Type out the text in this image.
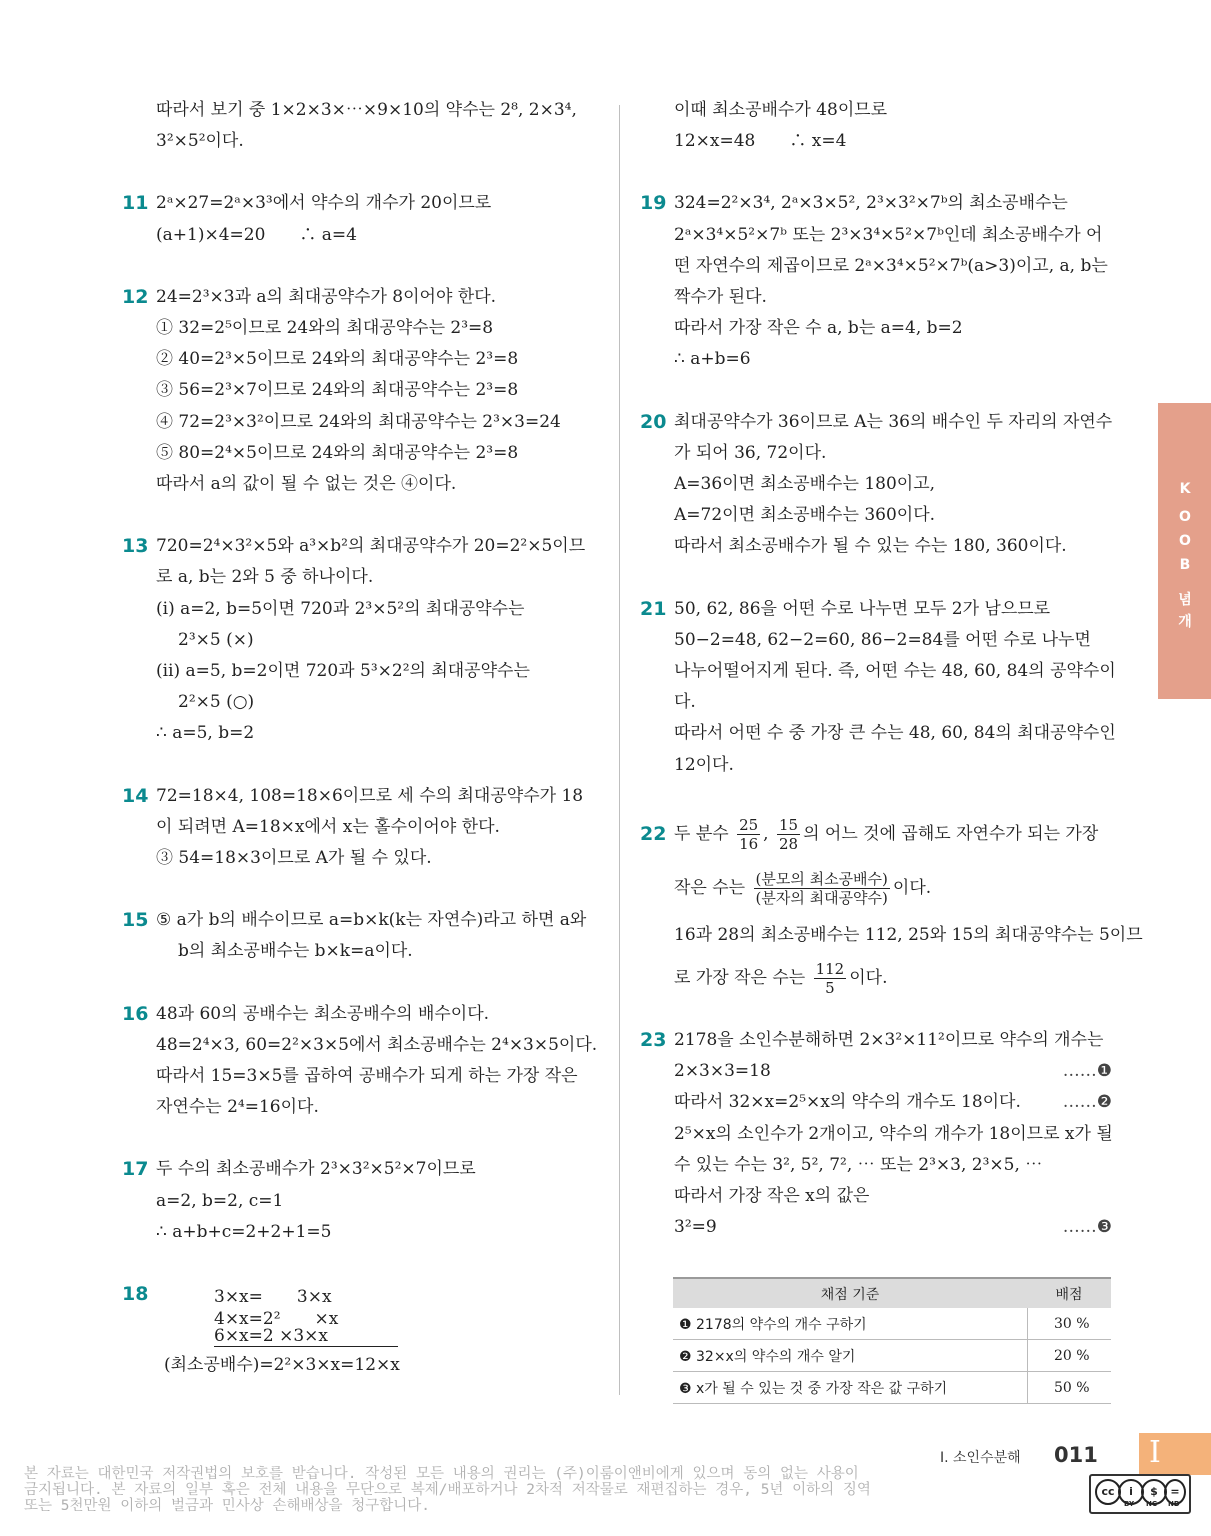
따라서 보기 중 1×2×3×⋯×9×10의 약수는 2⁸, 2×3⁴,
3²×5²이다.
11 2ᵃ×27=2ᵃ×3³에서 약수의 개수가 20이므로
(a+1)×4=20　　∴ a=4
12 24=2³×3과 a의 최대공약수가 8이어야 한다.
① 32=2⁵이므로 24와의 최대공약수는 2³=8
② 40=2³×5이므로 24와의 최대공약수는 2³=8
③ 56=2³×7이므로 24와의 최대공약수는 2³=8
④ 72=2³×3²이므로 24와의 최대공약수는 2³×3=24
⑤ 80=2⁴×5이므로 24와의 최대공약수는 2³=8
따라서 a의 값이 될 수 없는 것은 ④이다.
13 720=2⁴×3²×5와 a³×b²의 최대공약수가 20=2²×5이므
로 a, b는 2와 5 중 하나이다.
(ⅰ) a=2, b=5이면 720과 2³×5²의 최대공약수는
2³×5 (×)
(ⅱ) a=5, b=2이면 720과 5³×2²의 최대공약수는
2²×5 (○)
∴ a=5, b=2
14 72=18×4, 108=18×6이므로 세 수의 최대공약수가 18
이 되려면 A=18×x에서 x는 홀수이어야 한다.
③ 54=18×3이므로 A가 될 수 있다.
15 ⑤ a가 b의 배수이므로 a=b×k(k는 자연수)라고 하면 a와
b의 최소공배수는 b×k=a이다.
16 48과 60의 공배수는 최소공배수의 배수이다.
48=2⁴×3, 60=2²×3×5에서 최소공배수는 2⁴×3×5이다.
따라서 15=3×5를 곱하여 공배수가 되게 하는 가장 작은
자연수는 2⁴=16이다.
17 두 수의 최소공배수가 2³×3²×5²×7이므로
a=2, b=2, c=1
∴ a+b+c=2+2+1=5
18	3×x=　　3×x
4×x=2²　　×x
6×x=2 ×3×x
(최소공배수)=2²×3×x=12×x
이때 최소공배수가 48이므로
12×x=48　　∴ x=4
19 324=2²×3⁴, 2ᵃ×3×5², 2³×3²×7ᵇ의 최소공배수는
2ᵃ×3⁴×5²×7ᵇ 또는 2³×3⁴×5²×7ᵇ인데 최소공배수가 어
떤 자연수의 제곱이므로 2ᵃ×3⁴×5²×7ᵇ(a>3)이고, a, b는
짝수가 된다.
따라서 가장 작은 수 a, b는 a=4, b=2
∴ a+b=6
20 최대공약수가 36이므로 A는 36의 배수인 두 자리의 자연수
가 되어 36, 72이다.
A=36이면 최소공배수는 180이고,
A=72이면 최소공배수는 360이다.
따라서 최소공배수가 될 수 있는 수는 180, 360이다.
21 50, 62, 86을 어떤 수로 나누면 모두 2가 남으므로
50−2=48, 62−2=60, 86−2=84를 어떤 수로 나누면
나누어떨어지게 된다. 즉, 어떤 수는 48, 60, 84의 공약수이
다.
따라서 어떤 수 중 가장 큰 수는 48, 60, 84의 최대공약수인
12이다.
22 두 분수 $\frac{25}{16}$ , $\frac{15}{28}$ 의 어느 것에 곱해도 자연수가 되는 가장
작은 수는 $\frac{\text{(분모의 최소공배수)}}{\text{(분자의 최대공약수)}}$ 이다.
16과 28의 최소공배수는 112, 25와 15의 최대공약수는 5이므
로 가장 작은 수는 $\frac{112}{5}$ 이다.
23 2178을 소인수분해하면 2×3²×11²이므로 약수의 개수는
2×3×3=18	……❶
따라서 32×x=2⁵×x의 약수의 개수도 18이다. ……❷
2⁵×x의 소인수가 2개이고, 약수의 개수가 18이므로 x가 될
수 있는 수는 3², 5², 7², ⋯ 또는 2³×3, 2³×5, ⋯
따라서 가장 작은 x의 값은
3²=9	……❸
채점 기준	배점
❶ 2178의 약수의 개수 구하기	30 %
❷ 32×x의 약수의 개수 알기	20 %
❸ x가 될 수 있는 것 중 가장 작은 값 구하기	50 %
K
O
O
B
념
개
Ⅰ. 소인수분해 011 Ⅰ
본 자료는 대한민국 저작권법의 보호를 받습니다. 작성된 모든 내용의 권리는 (주)이룸이앤비에게 있으며 동의 없는 사용이
금지됩니다. 본 자료의 일부 혹은 전체 내용을 무단으로 복제/배포하거나 2차적 저작물로 재편집하는 경우, 5년 이하의 징역
또는 5천만원 이하의 벌금과 민사상 손해배상을 청구합니다.
cc	i	$	=
BY NC ND
